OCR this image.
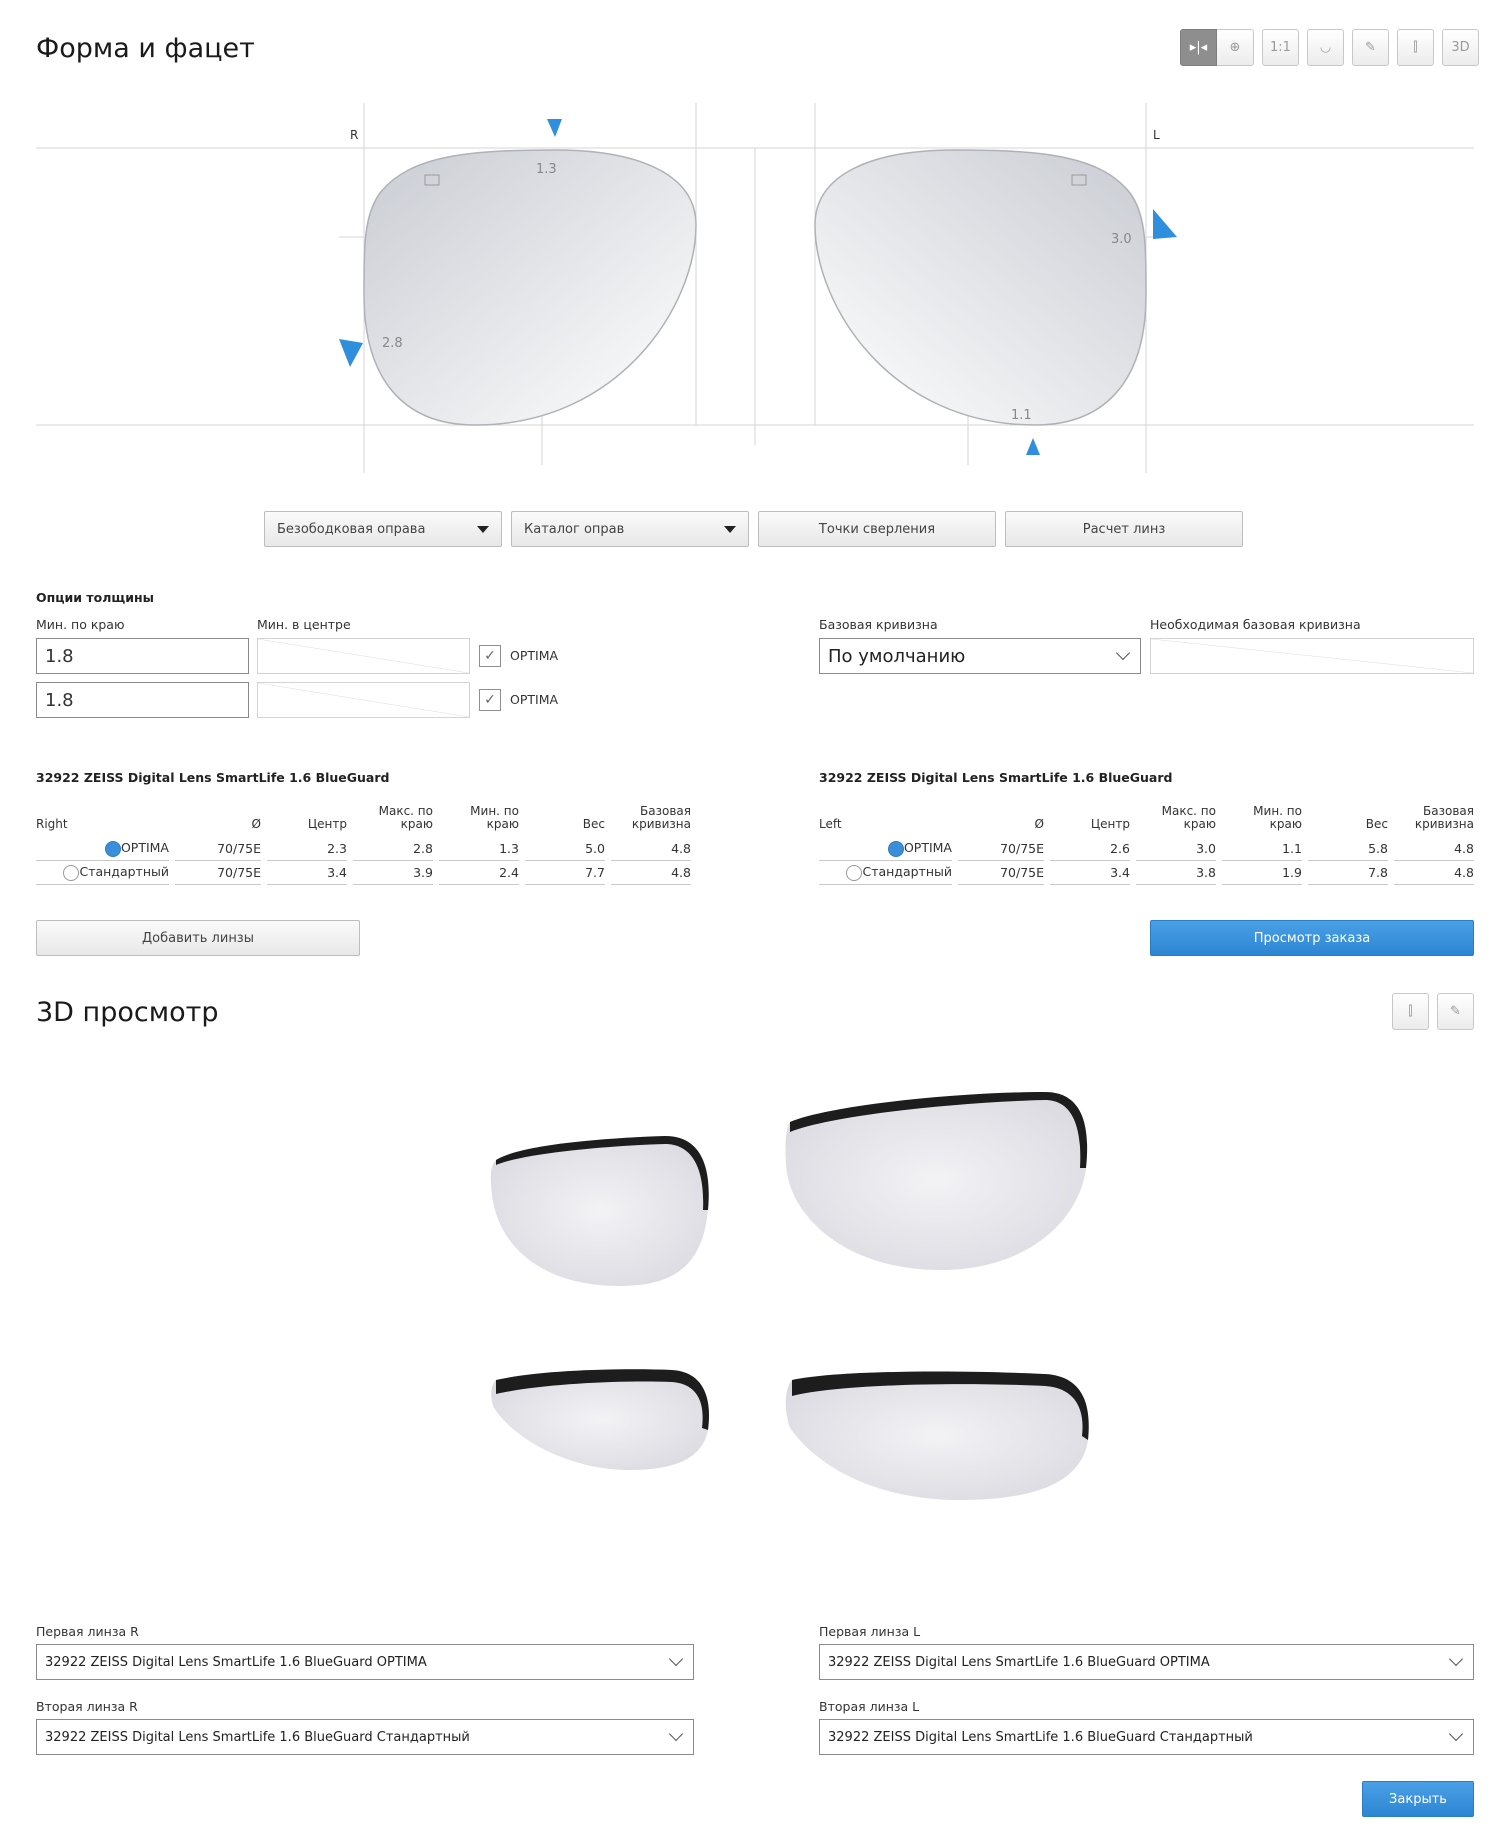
Форма и фацет	▸|◂	⊕	1:1	◡	✎	⫿	3D
R	L
1.3
2.8
3.0
1.1
Безободковая оправа	Каталог оправ	Точки сверления	Расчет линз
Опции толщины
Мин. по краю	Мин. в центре
1.8	✓ OPTIMA
1.8	✓ OPTIMA
Базовая кривизна
По умолчанию
Необходимая базовая кривизна
32922 ZEISS Digital Lens SmartLife 1.6 BlueGuard	32922 ZEISS Digital Lens SmartLife 1.6 BlueGuard
Right	Ø	Центр	Макс. по краю	Мин. по краю	Вес	Базовая кривизна

OPTIMA	70/75E	2.3	2.8	1.3	5.0	4.8

Стандартный	70/75E	3.4	3.9	2.4	7.7	4.8
Left	Ø	Центр	Макс. по краю	Мин. по краю	Вес	Базовая кривизна

OPTIMA	70/75E	2.6	3.0	1.1	5.8	4.8

Стандартный	70/75E	3.4	3.8	1.9	7.8	4.8
Добавить линзы	Просмотр заказа
3D просмотр	⫿	✎
Первая линза R
32922 ZEISS Digital Lens SmartLife 1.6 BlueGuard OPTIMA
Вторая линза R
32922 ZEISS Digital Lens SmartLife 1.6 BlueGuard Стандартный
Первая линза L
32922 ZEISS Digital Lens SmartLife 1.6 BlueGuard OPTIMA
Вторая линза L
32922 ZEISS Digital Lens SmartLife 1.6 BlueGuard Стандартный
Закрыть
